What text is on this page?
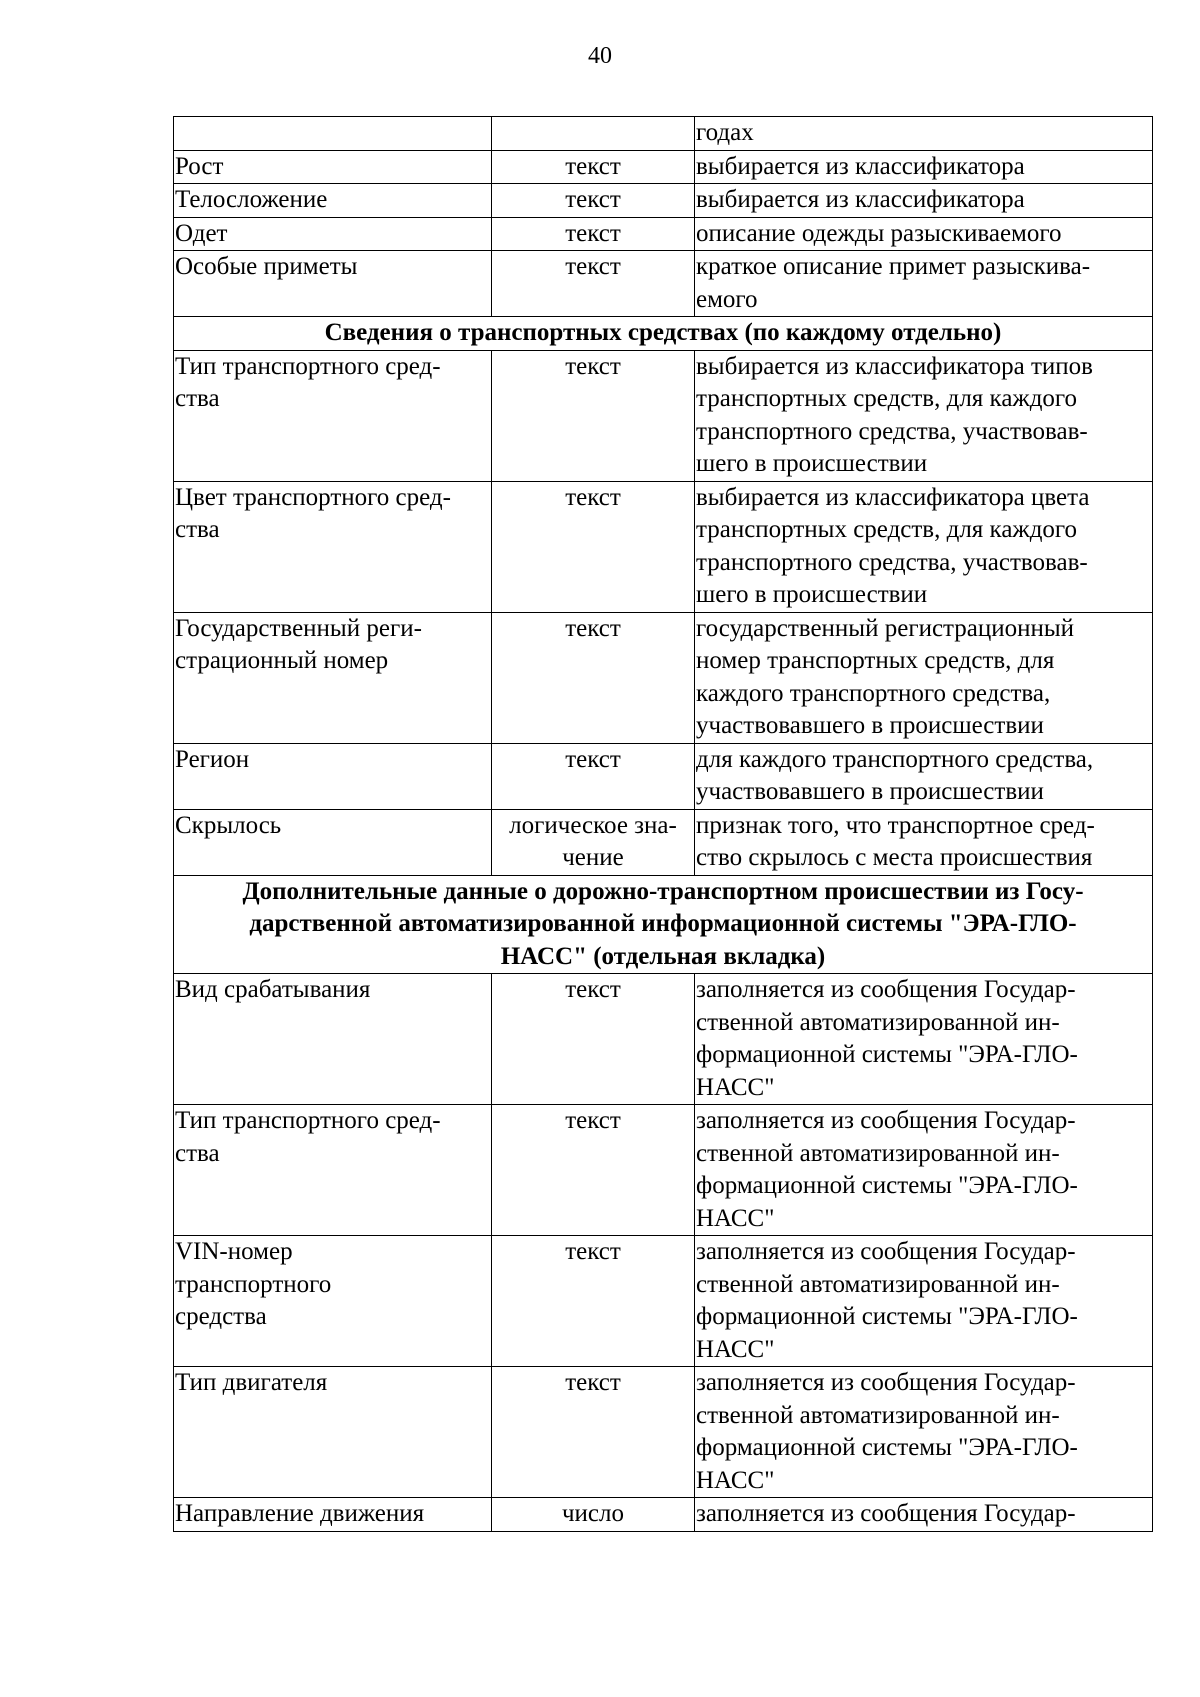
40

		годах

Рост	текст	выбирается из классификатора

Телосложение	текст	выбирается из классификатора

Одет	текст	описание одежды разыскиваемого

Особые приметы	текст	краткое описание примет разыскива-
емого

Сведения о транспортных средствах (по каждому отдельно)		

Тип транспортного сред-
ства	текст	выбирается из классификатора типов
транспортных средств, для каждого
транспортного средства, участвовав-
шего в происшествии

Цвет транспортного сред-
ства	текст	выбирается из классификатора цвета
транспортных средств, для каждого
транспортного средства, участвовав-
шего в происшествии

Государственный реги-
страционный номер	текст	государственный регистрационный
номер транспортных средств, для
каждого транспортного средства,
участвовавшего в происшествии

Регион	текст	для каждого транспортного средства,
участвовавшего в происшествии

Скрылось	логическое зна-
чение	признак того, что транспортное сред-
ство скрылось с места происшествия

Дополнительные данные о дорожно-транспортном происшествии из Госу-
дарственной автоматизированной информационной системы "ЭРА-ГЛО-
НАСС" (отдельная вкладка)		

Вид срабатывания	текст	заполняется из сообщения Государ-
ственной автоматизированной ин-
формационной системы "ЭРА-ГЛО-
НАСС"

Тип транспортного сред-
ства	текст	заполняется из сообщения Государ-
ственной автоматизированной ин-
формационной системы "ЭРА-ГЛО-
НАСС"

VIN-номер
транспортного
средства	текст	заполняется из сообщения Государ-
ственной автоматизированной ин-
формационной системы "ЭРА-ГЛО-
НАСС"

Тип двигателя	текст	заполняется из сообщения Государ-
ственной автоматизированной ин-
формационной системы "ЭРА-ГЛО-
НАСС"

Направление движения	число	заполняется из сообщения Государ-
